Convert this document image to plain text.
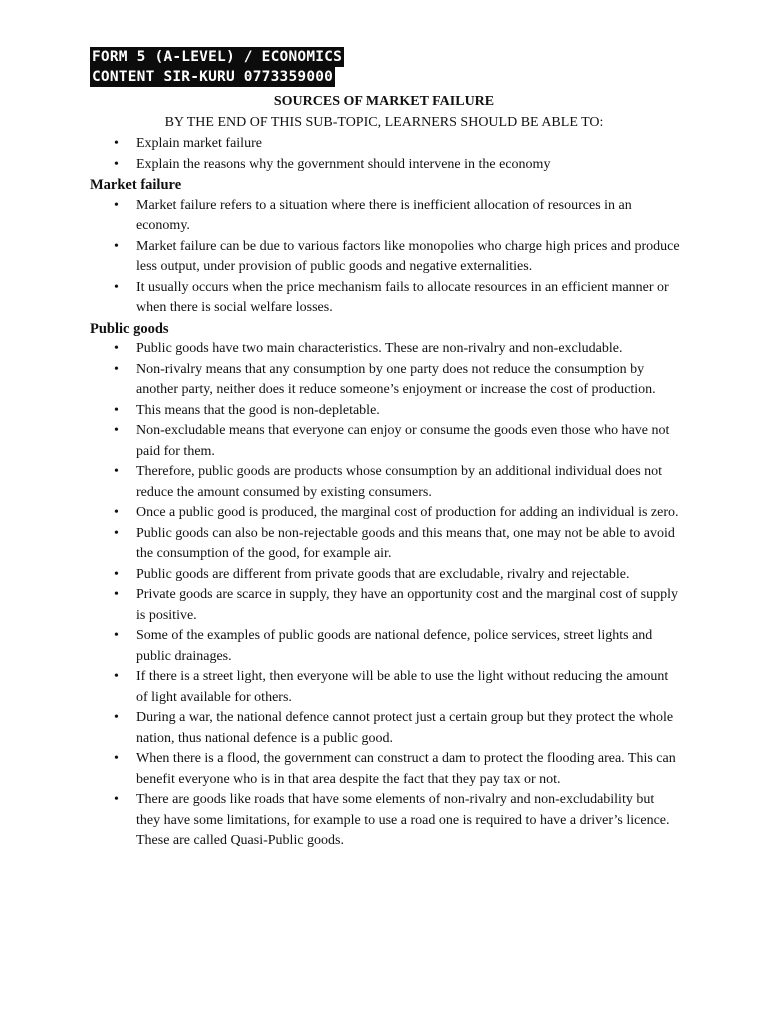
FORM 5 (A-LEVEL) / ECONOMICS
CONTENT SIR-KURU 0773359000
SOURCES OF MARKET FAILURE
BY THE END OF THIS SUB-TOPIC, LEARNERS SHOULD BE ABLE TO:
• Explain market failure
• Explain the reasons why the government should intervene in the economy
Market failure
• Market failure refers to a situation where there is inefficient allocation of resources in an economy.
• Market failure can be due to various factors like monopolies who charge high prices and produce less output, under provision of public goods and negative externalities.
• It usually occurs when the price mechanism fails to allocate resources in an efficient manner or when there is social welfare losses.
Public goods
• Public goods have two main characteristics. These are non-rivalry and non-excludable.
• Non-rivalry means that any consumption by one party does not reduce the consumption by another party, neither does it reduce someone’s enjoyment or increase the cost of production.
• This means that the good is non-depletable.
• Non-excludable means that everyone can enjoy or consume the goods even those who have not paid for them.
• Therefore, public goods are products whose consumption by an additional individual does not reduce the amount consumed by existing consumers.
• Once a public good is produced, the marginal cost of production for adding an individual is zero.
• Public goods can also be non-rejectable goods and this means that, one may not be able to avoid the consumption of the good, for example air.
• Public goods are different from private goods that are excludable, rivalry and rejectable.
• Private goods are scarce in supply, they have an opportunity cost and the marginal cost of supply is positive.
• Some of the examples of public goods are national defence, police services, street lights and public drainages.
• If there is a street light, then everyone will be able to use the light without reducing the amount of light available for others.
• During a war, the national defence cannot protect just a certain group but they protect the whole nation, thus national defence is a public good.
• When there is a flood, the government can construct a dam to protect the flooding area. This can benefit everyone who is in that area despite the fact that they pay tax or not.
• There are goods like roads that have some elements of non-rivalry and non-excludability but they have some limitations, for example to use a road one is required to have a driver’s licence. These are called Quasi-Public goods.
